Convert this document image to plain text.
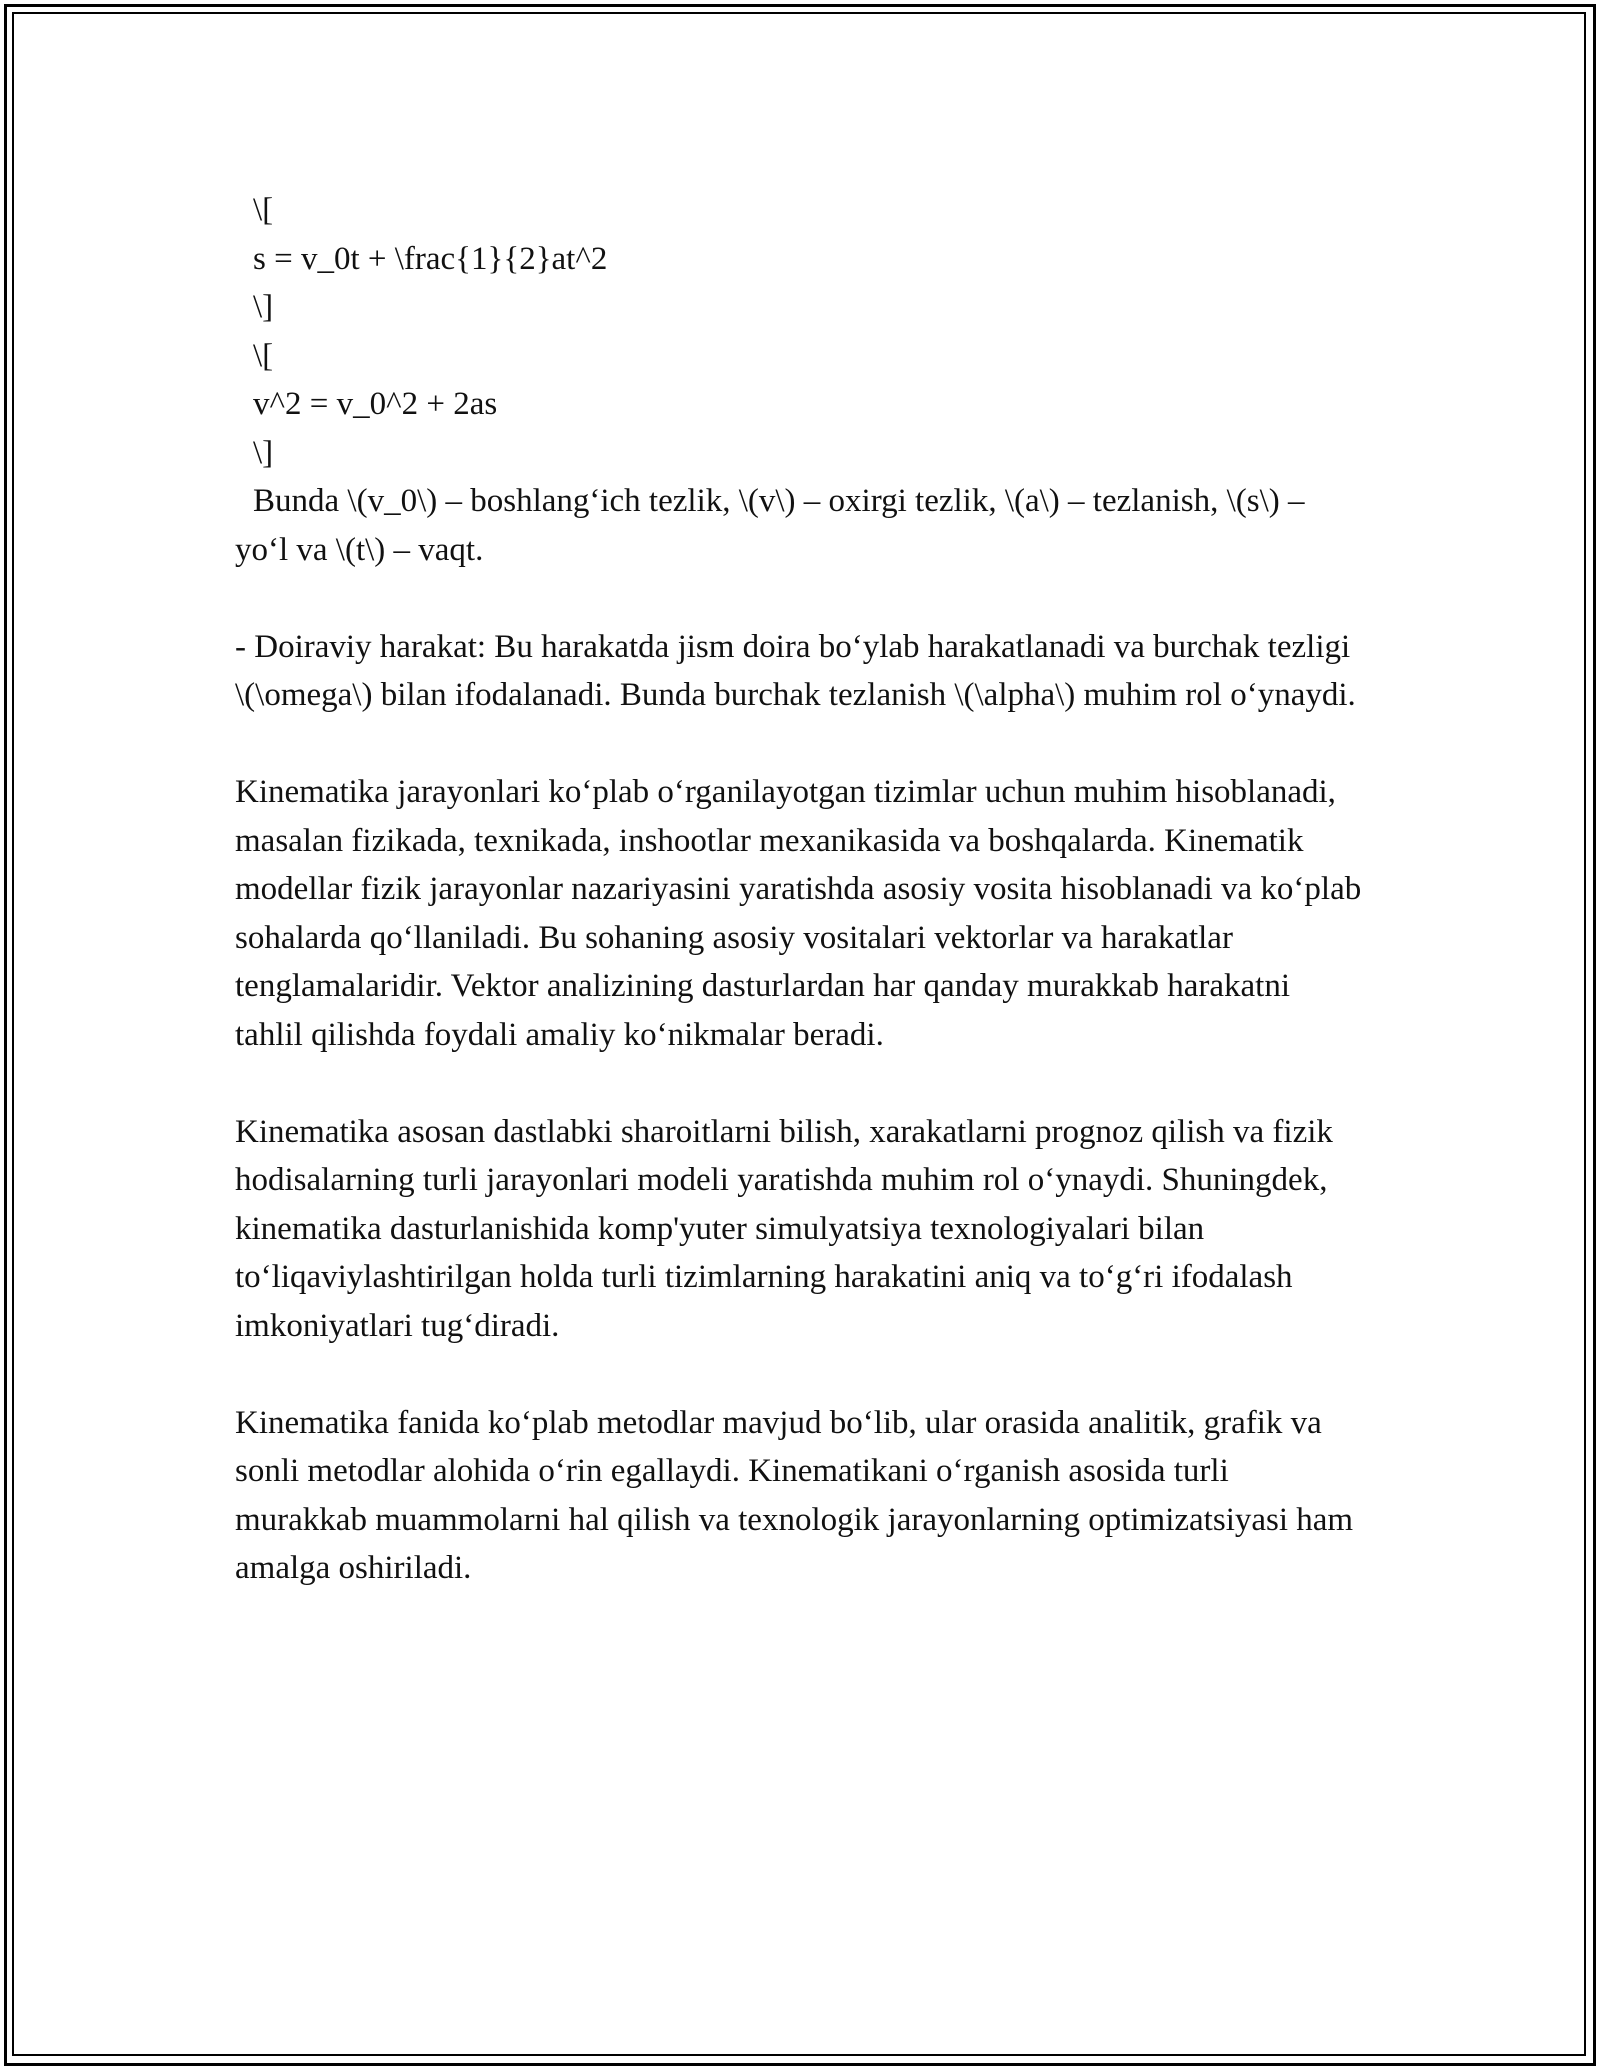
\[
s = v_0t + \frac{1}{2}at^2
\]
\[
v^2 = v_0^2 + 2as
\]

Bunda \(v_0\) – boshlang‘ich tezlik, \(v\) – oxirgi tezlik, \(a\) – tezlanish, \(s\) – yo‘l va \(t\) – vaqt.

- Doiraviy harakat: Bu harakatda jism doira bo‘ylab harakatlanadi va burchak tezligi \(\omega\) bilan ifodalanadi. Bunda burchak tezlanish \(\alpha\) muhim rol o‘ynaydi.

Kinematika jarayonlari ko‘plab o‘rganilayotgan tizimlar uchun muhim hisoblanadi, masalan fizikada, texnikada, inshootlar mexanikasida va boshqalarda. Kinematik modellar fizik jarayonlar nazariyasini yaratishda asosiy vosita hisoblanadi va ko‘plab sohalarda qo‘llaniladi. Bu sohaning asosiy vositalari vektorlar va harakatlar tenglamalaridir. Vektor analizining dasturlardan har qanday murakkab harakatni tahlil qilishda foydali amaliy ko‘nikmalar beradi.

Kinematika asosan dastlabki sharoitlarni bilish, xarakatlarni prognoz qilish va fizik hodisalarning turli jarayonlari modeli yaratishda muhim rol o‘ynaydi. Shuningdek, kinematika dasturlanishida komp'yuter simulyatsiya texnologiyalari bilan to‘liqaviylashtirilgan holda turli tizimlarning harakatini aniq va to‘g‘ri ifodalash imkoniyatlari tug‘diradi.

Kinematika fanida ko‘plab metodlar mavjud bo‘lib, ular orasida analitik, grafik va sonli metodlar alohida o‘rin egallaydi. Kinematikani o‘rganish asosida turli murakkab muammolarni hal qilish va texnologik jarayonlarning optimizatsiyasi ham amalga oshiriladi.
